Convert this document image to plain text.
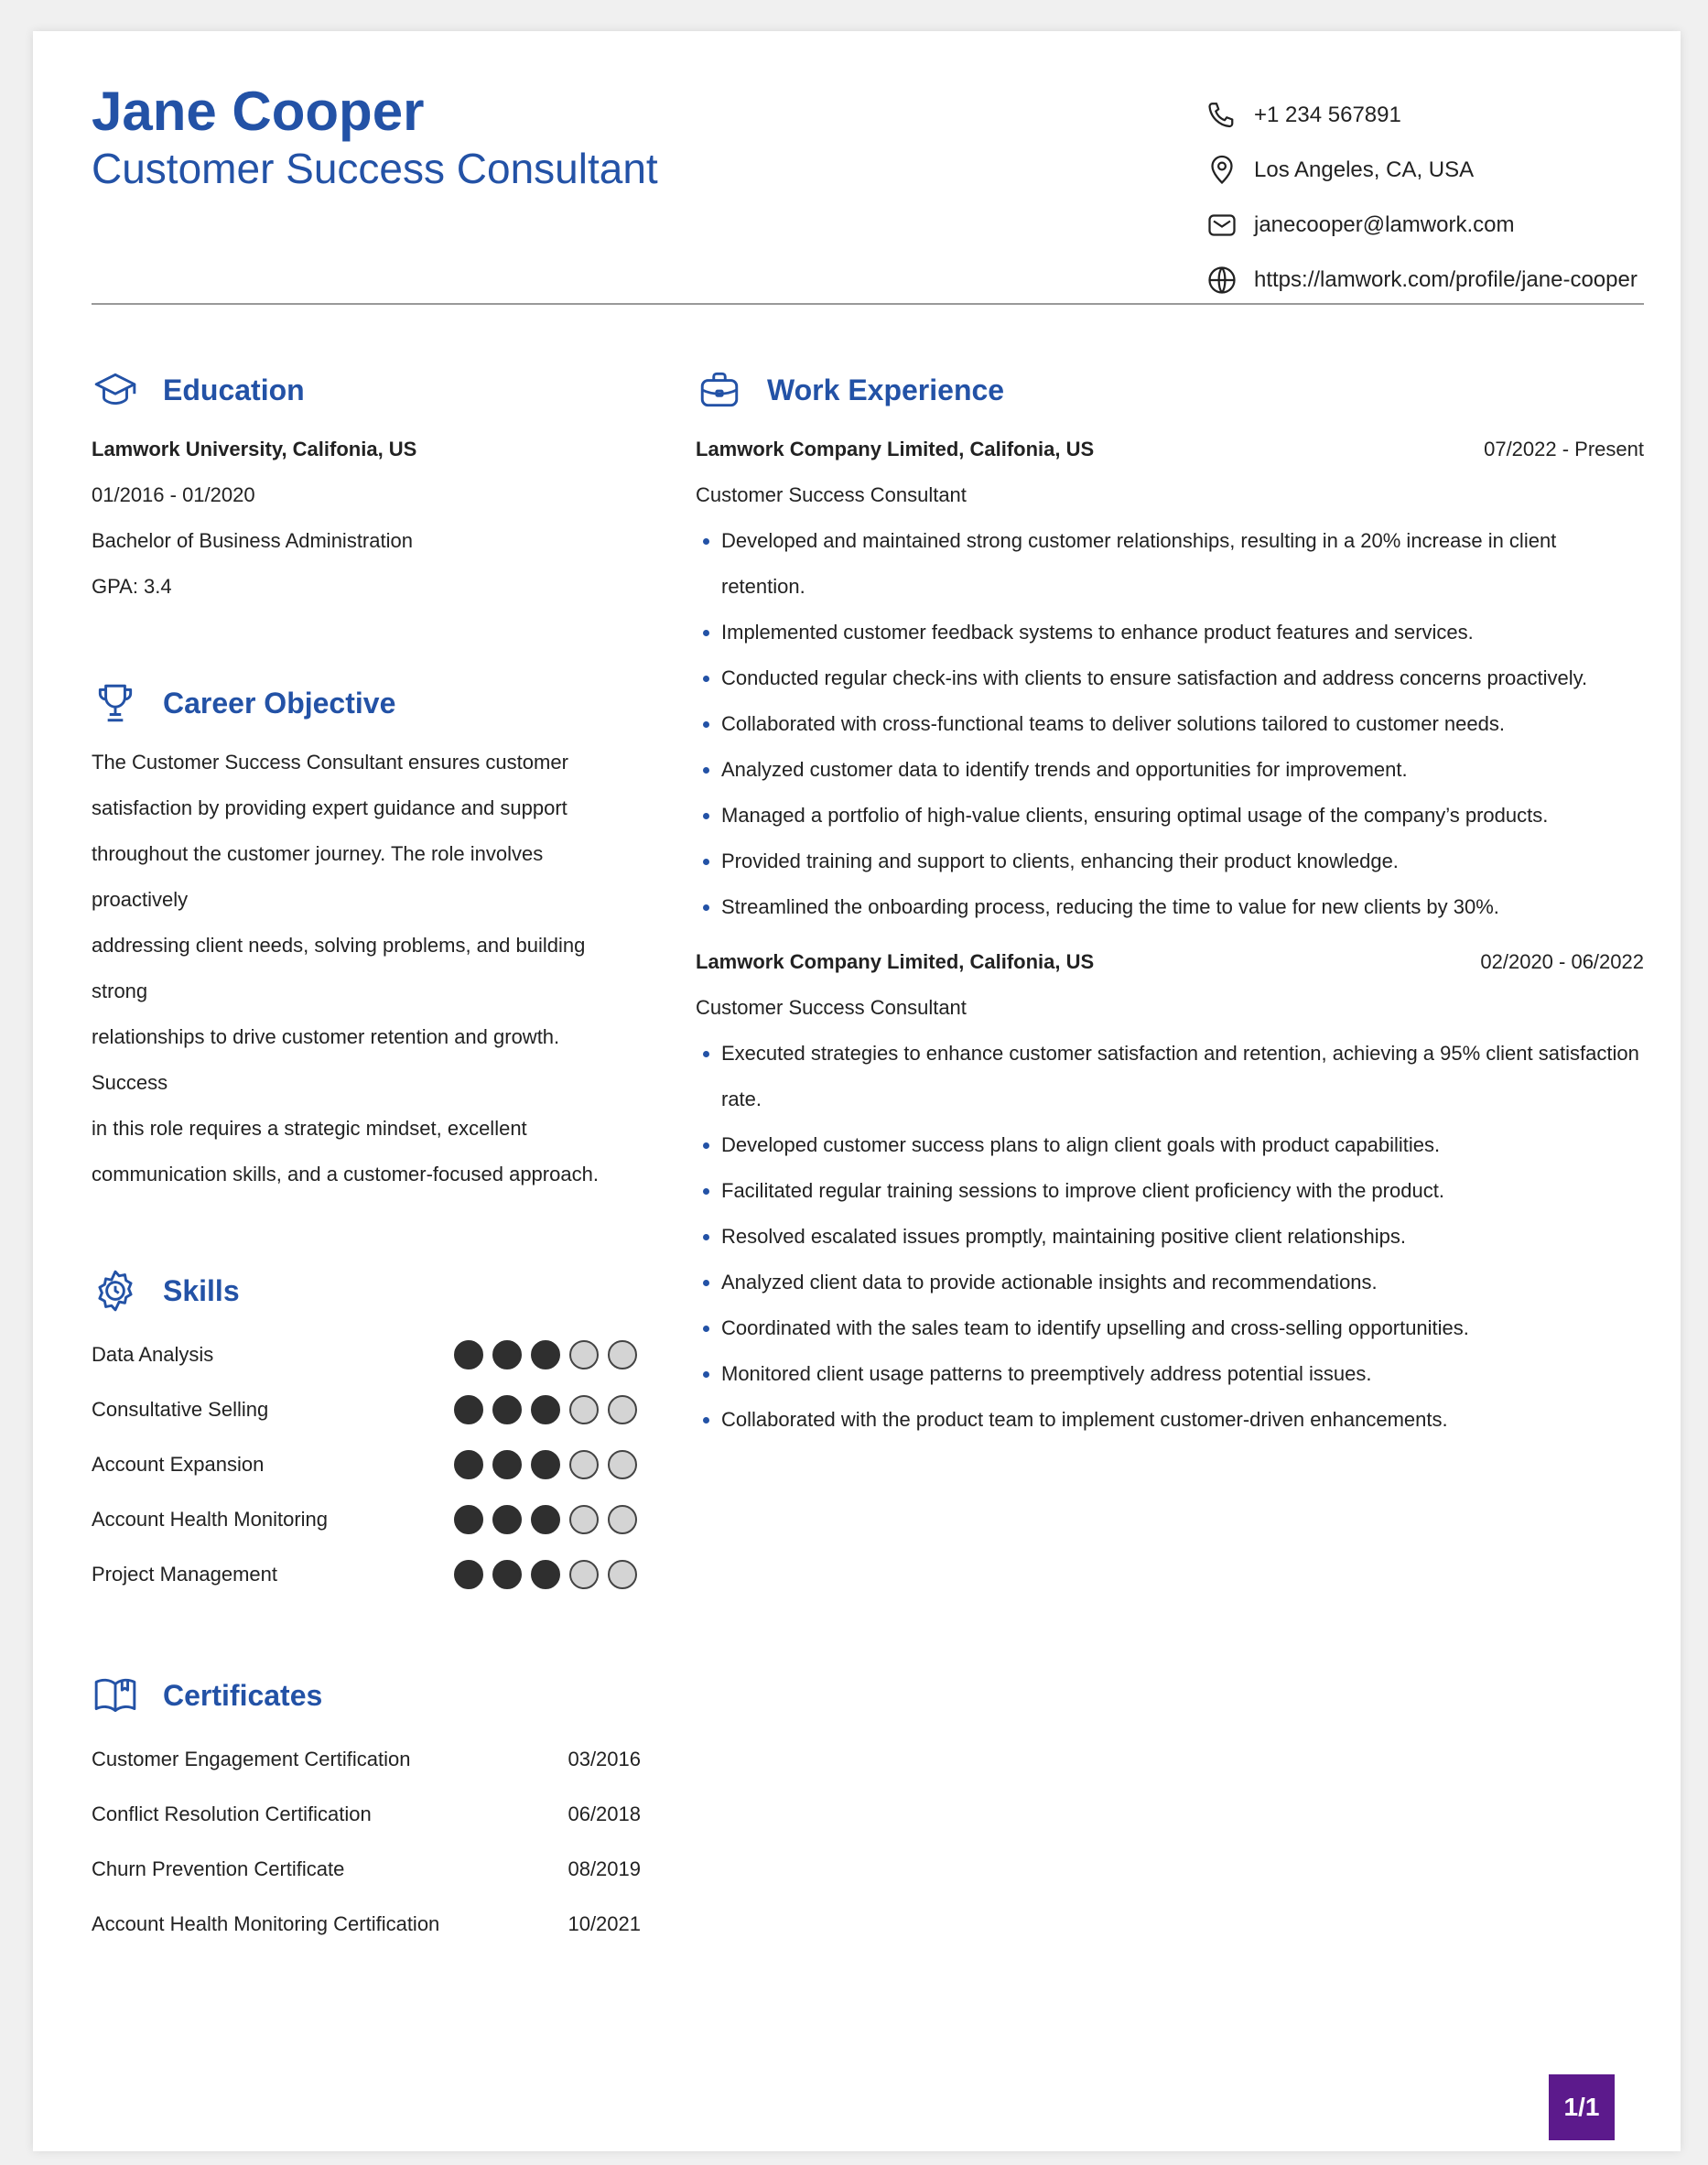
Jane Cooper
Customer Success Consultant
+1 234 567891
Los Angeles, CA, USA
janecooper@lamwork.com
https://lamwork.com/profile/jane-cooper
Education
Lamwork University, Califonia, US
01/2016 - 01/2020
Bachelor of Business Administration
GPA: 3.4
Career Objective

The Customer Success Consultant ensures customer

satisfaction by providing expert guidance and support

throughout the customer journey. The role involves proactively

addressing client needs, solving problems, and building strong

relationships to drive customer retention and growth. Success

in this role requires a strategic mindset, excellent

communication skills, and a customer-focused approach.

Skills
Data Analysis
Consultative Selling
Account Expansion
Account Health Monitoring
Project Management
Certificates
Customer Engagement Certification	03/2016
Conflict Resolution Certification	06/2018
Churn Prevention Certificate	08/2019
Account Health Monitoring Certification	10/2021
Work Experience
Lamwork Company Limited, Califonia, US	07/2022 - Present
Customer Success Consultant
Developed and maintained strong customer relationships, resulting in a 20% increase in client retention.
Implemented customer feedback systems to enhance product features and services.
Conducted regular check-ins with clients to ensure satisfaction and address concerns proactively.
Collaborated with cross-functional teams to deliver solutions tailored to customer needs.
Analyzed customer data to identify trends and opportunities for improvement.
Managed a portfolio of high-value clients, ensuring optimal usage of the company’s products.
Provided training and support to clients, enhancing their product knowledge.
Streamlined the onboarding process, reducing the time to value for new clients by 30%.
Lamwork Company Limited, Califonia, US	02/2020 - 06/2022
Customer Success Consultant
Executed strategies to enhance customer satisfaction and retention, achieving a 95% client satisfaction rate.
Developed customer success plans to align client goals with product capabilities.
Facilitated regular training sessions to improve client proficiency with the product.
Resolved escalated issues promptly, maintaining positive client relationships.
Analyzed client data to provide actionable insights and recommendations.
Coordinated with the sales team to identify upselling and cross-selling opportunities.
Monitored client usage patterns to preemptively address potential issues.
Collaborated with the product team to implement customer-driven enhancements.
1/1
